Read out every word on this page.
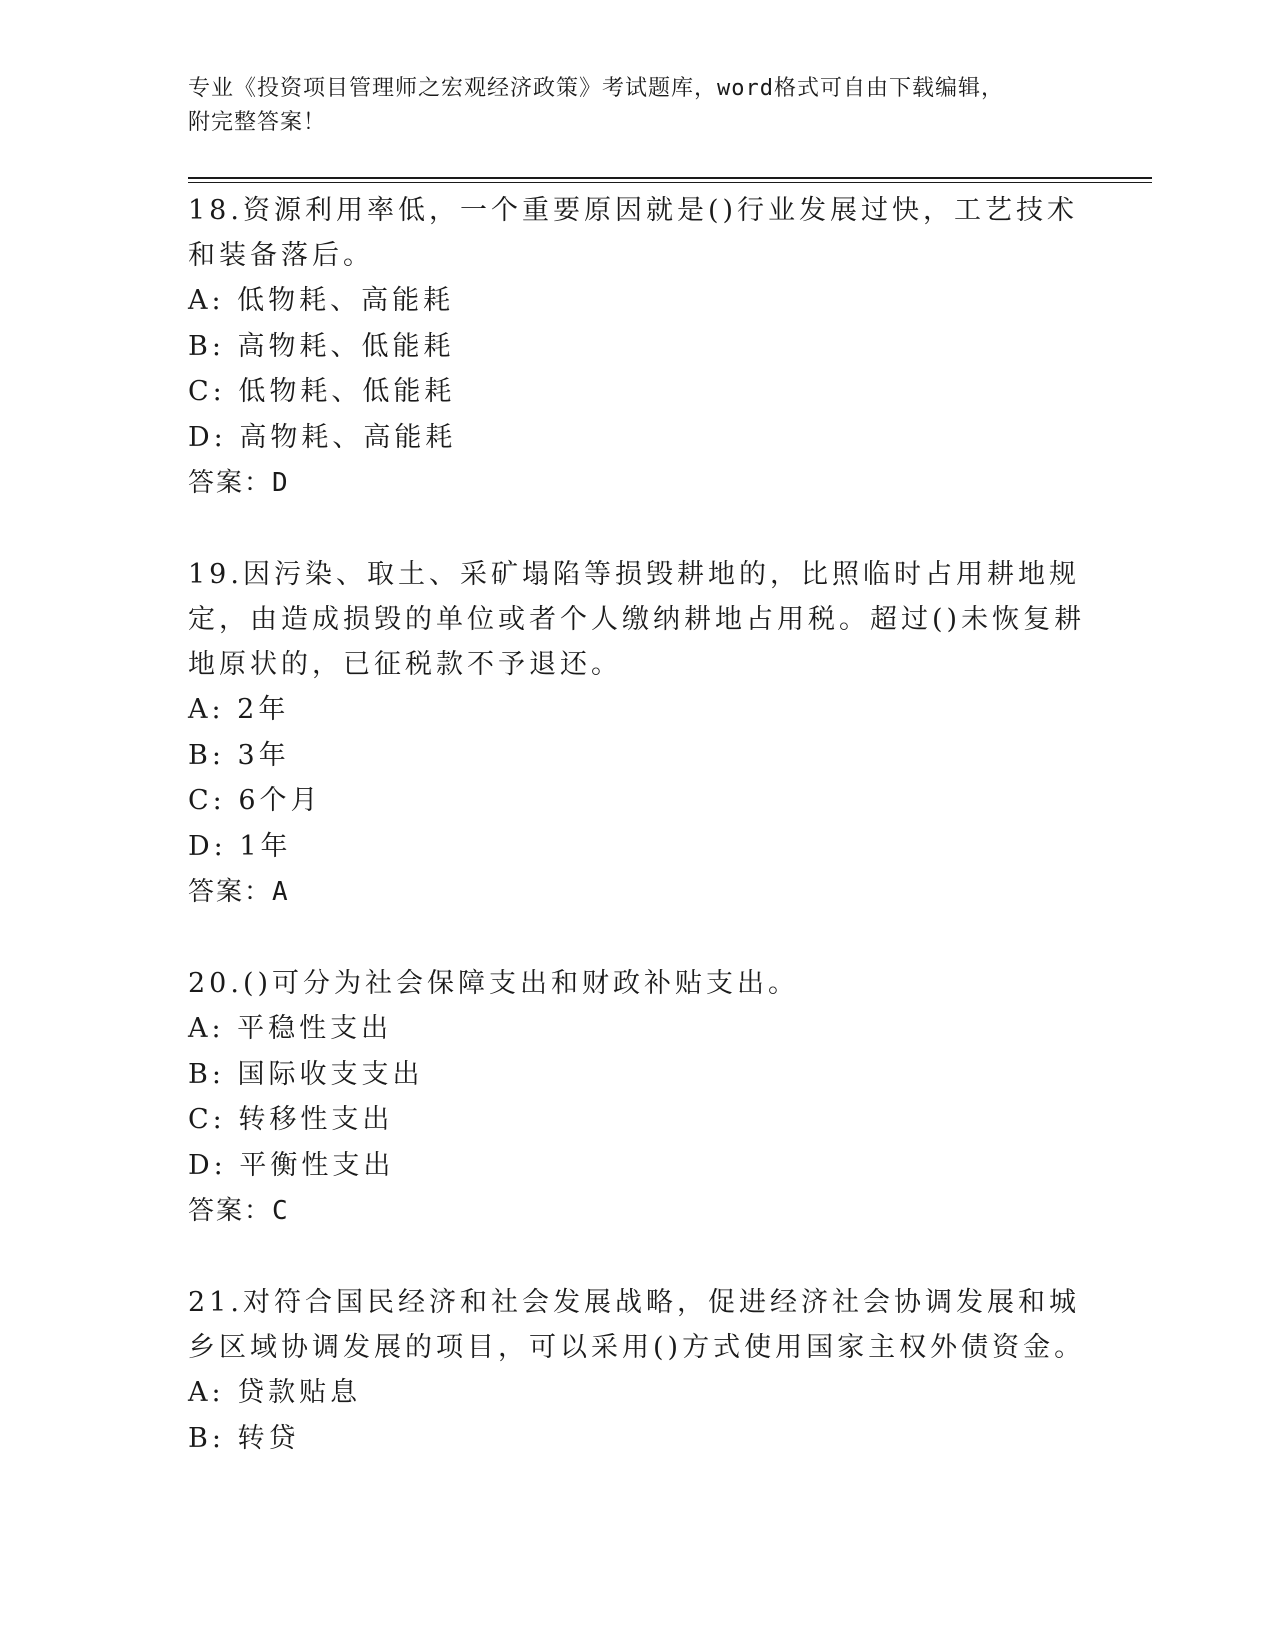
专业《投资项目管理师之宏观经济政策》考试题库，word格式可自由下载编辑，
附完整答案！

18.资源利用率低，一个重要原因就是()行业发展过快，工艺技术和装备落后。

A: 低物耗、高能耗

B: 高物耗、低能耗

C: 低物耗、低能耗

D: 高物耗、高能耗

答案：D

19.因污染、取土、采矿塌陷等损毁耕地的，比照临时占用耕地规定，由造成损毁的单位或者个人缴纳耕地占用税。超过()未恢复耕地原状的，已征税款不予退还。

A: 2年

B: 3年

C: 6个月

D: 1年

答案：A

20.()可分为社会保障支出和财政补贴支出。

A: 平稳性支出

B: 国际收支支出

C: 转移性支出

D: 平衡性支出

答案：C

21.对符合国民经济和社会发展战略，促进经济社会协调发展和城乡区域协调发展的项目，可以采用()方式使用国家主权外债资金。

A: 贷款贴息

B: 转贷
